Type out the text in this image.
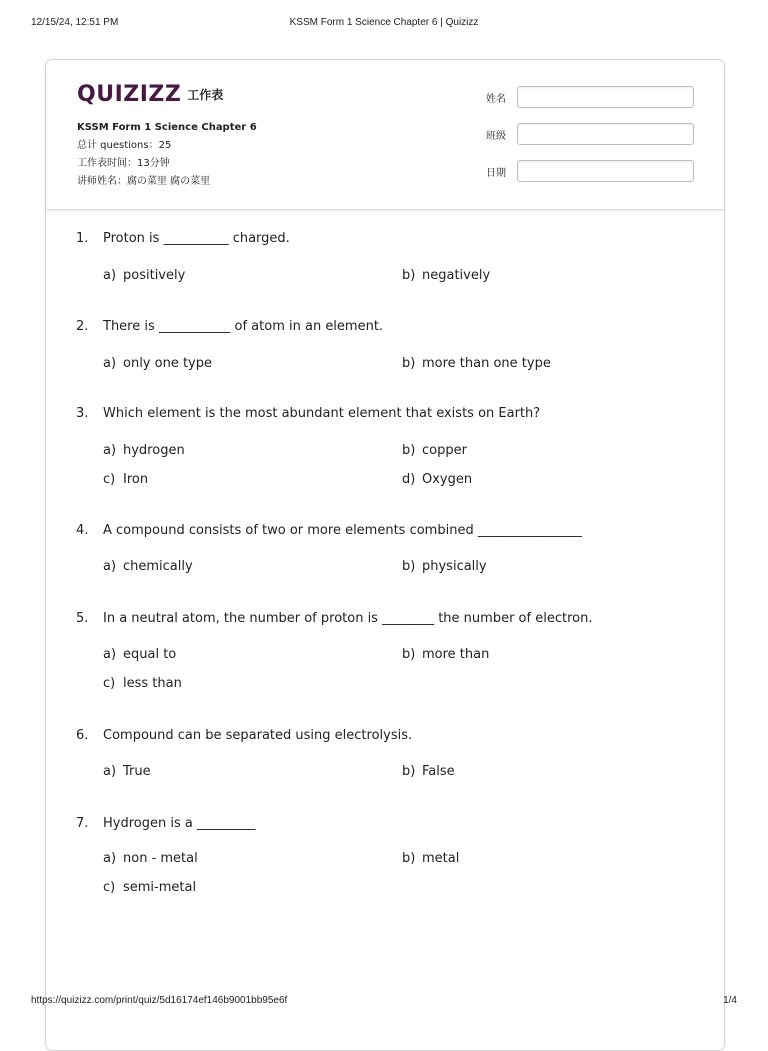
12/15/24, 12:51 PM	KSSM Form 1 Science Chapter 6 | Quizizz
QUIZIZZ 工作表
KSSM Form 1 Science Chapter 6
总计 questions：25
工作表时间：13分钟
讲师姓名：腐の菜里 腐の菜里
姓名
班级
日期
1. Proton is __________ charged.
a) positively	b) negatively
2. There is ___________ of atom in an element.
a) only one type	b) more than one type
3. Which element is the most abundant element that exists on Earth?
a) hydrogen	b) copper
c) Iron	d) Oxygen
4. A compound consists of two or more elements combined ________________
a) chemically	b) physically
5. In a neutral atom, the number of proton is ________ the number of electron.
a) equal to	b) more than
c) less than
6. Compound can be separated using electrolysis.
a) True	b) False
7. Hydrogen is a _________
a) non - metal	b) metal
c) semi-metal
https://quizizz.com/print/quiz/5d16174ef146b9001bb95e6f	1/4
